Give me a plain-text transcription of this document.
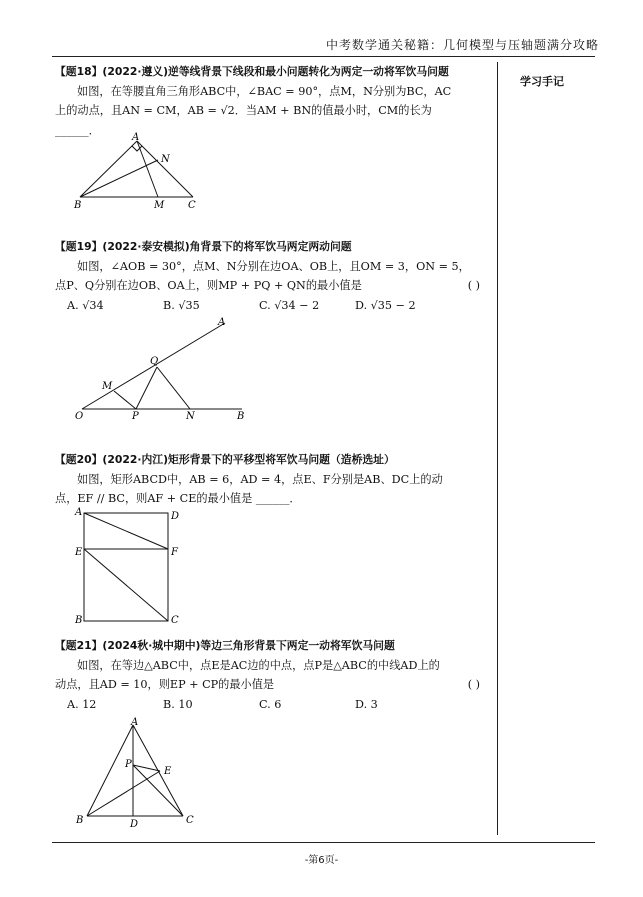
中考数学通关秘籍：几何模型与压轴题满分攻略
学习手记
【题18】(2022·遵义)逆等线背景下线段和最小问题转化为两定一动将军饮马问题
如图，在等腰直角三角形ABC中，∠BAC = 90°，点M，N分别为BC，AC
上的动点，且AN = CM，AB = √2．当AM + BN的值最小时，CM的长为
______．
A
N
B	M C
【题19】(2022·泰安模拟)角背景下的将军饮马两定两动问题
如图，∠AOB = 30°，点M、N分别在边OA、OB上，且OM = 3，ON = 5，
点P、Q分别在边OB、OA上，则MP + PQ + QN的最小值是	( )
A. √34	B. √35	C. √34 − 2	D. √35 − 2
A
Q
M
O	P	N	B
【题20】(2022·内江)矩形背景下的平移型将军饮马问题（造桥选址）
如图，矩形ABCD中，AB = 6，AD = 4，点E、F分别是AB、DC上的动
点，EF // BC，则AF + CE的最小值是 ______．
A	D
E	F
B	C
【题21】(2024秋·城中期中)等边三角形背景下两定一动将军饮马问题
如图，在等边△ABC中，点E是AC边的中点，点P是△ABC的中线AD上的
动点，且AD = 10，则EP + CP的最小值是	( )
A. 12	B. 10	C. 6	D. 3
A
P
E
B	D	C
-第6页-
